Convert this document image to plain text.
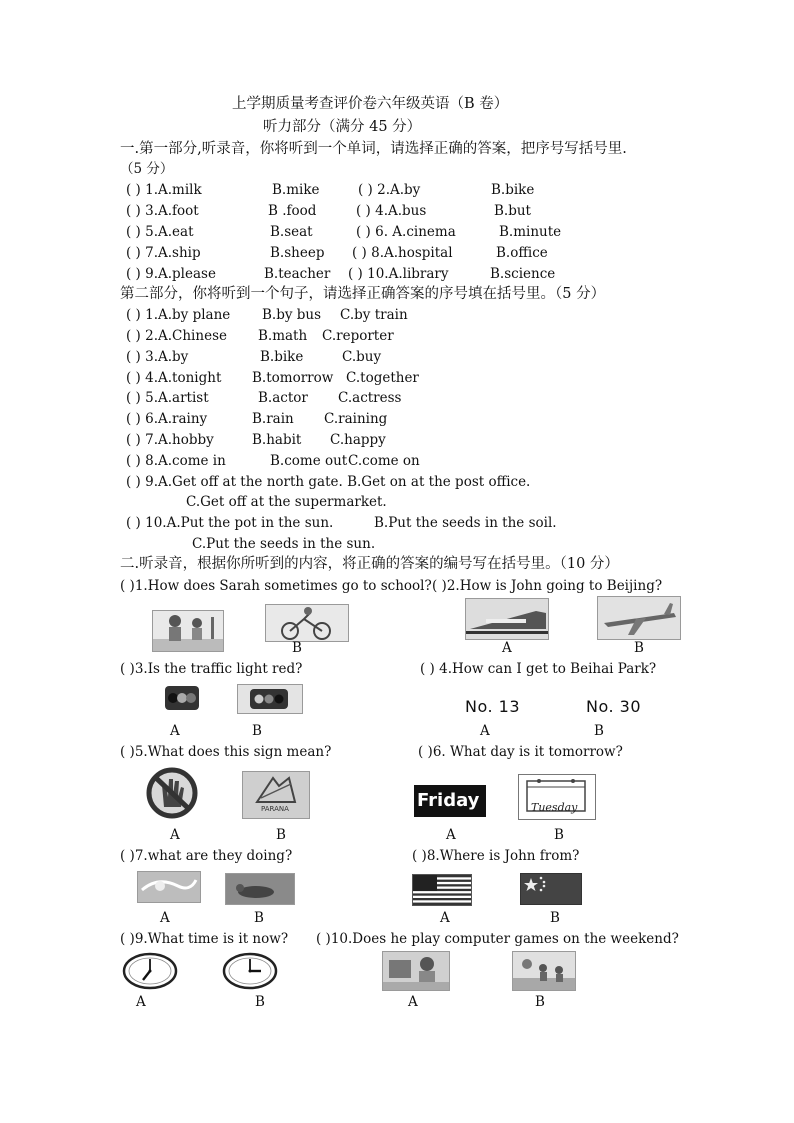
上学期质量考查评价卷六年级英语（B 卷）
听力部分（满分 45 分）
一.第一部分,听录音，你将听到一个单词，请选择正确的答案，把序号写括号里.
（5 分）
( ) 1.A.milk	B.mike	( ) 2.A.by	B.bike
( ) 3.A.foot	B .food	( ) 4.A.bus	B.but
( ) 5.A.eat	B.seat	( ) 6. A.cinema	B.minute
( ) 7.A.ship	B.sheep ( ) 8.A.hospital	B.office
( ) 9.A.please	B.teacher ( ) 10.A.library	B.science
第二部分，你将听到一个句子，请选择正确答案的序号填在括号里。（5 分）
( ) 1.A.by plane B.by bus C.by train
( ) 2.A.Chinese B.math C.reporter
( ) 3.A.by	B.bike	C.buy
( ) 4.A.tonight B.tomorrow C.together
( ) 5.A.artist	B.actor C.actress
( ) 6.A.rainy	B.rain C.raining
( ) 7.A.hobby	B.habit C.happy
( ) 8.A.come in	B.come out C.come on
( ) 9.A.Get off at the north gate. B.Get on at the post office.
C.Get off at the supermarket.
( ) 10.A.Put the pot in the sun.	B.Put the seeds in the soil.
C.Put the seeds in the sun.
二.听录音，根据你所听到的内容，将正确的答案的编号写在括号里。（10 分）
( )1.How does Sarah sometimes go to school? ( )2.How is John going to Beijing?
B	A	B
( )3.Is the traffic light red?	( ) 4.How can I get to Beihai Park?
A	B
No. 13	No. 30
A	B
( )5.What does this sign mean?	( )6. What day is it tomorrow?
PARANA
A	B
Friday	Tuesday
A	B
( )7.what are they doing?	( )8.Where is John from?
A	B	A	B
( )9.What time is it now? ( )10.Does he play computer games on the weekend?
A	B	A	B
